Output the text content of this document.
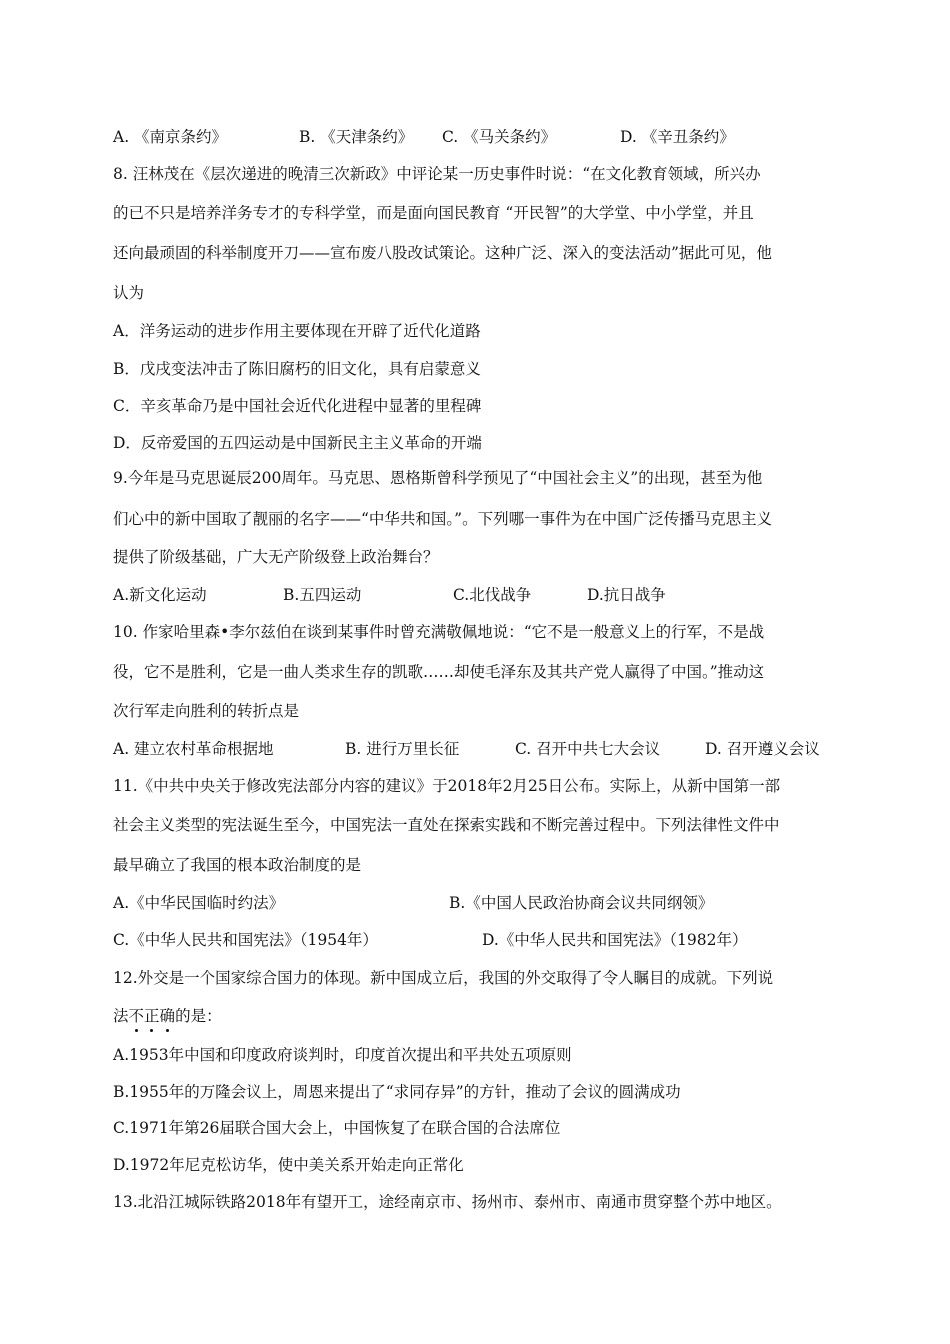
A. 《南京条约》	B. 《天津条约》	C. 《马关条约》	D. 《辛丑条约》
8. 汪林茂在《层次递进的晚清三次新政》中评论某一历史事件时说：“在文化教育领域，所兴办
的已不只是培养洋务专才的专科学堂，而是面向国民教育 “开民智”的大学堂、中小学堂，并且
还向最顽固的科举制度开刀——宣布废八股改试策论。这种广泛、深入的变法活动”据此可见，他
认为
A．洋务运动的进步作用主要体现在开辟了近代化道路
B．戊戌变法冲击了陈旧腐朽的旧文化，具有启蒙意义
C．辛亥革命乃是中国社会近代化进程中显著的里程碑
D．反帝爱国的五四运动是中国新民主主义革命的开端
9.今年是马克思诞辰200周年。马克思、恩格斯曾科学预见了“中国社会主义”的出现，甚至为他
们心中的新中国取了靓丽的名字——“中华共和国。”。下列哪一事件为在中国广泛传播马克思主义
提供了阶级基础，广大无产阶级登上政治舞台？
A.新文化运动	B.五四运动	C.北伐战争	D.抗日战争
10. 作家哈里森•李尔兹伯在谈到某事件时曾充满敬佩地说：“它不是一般意义上的行军，不是战
役，它不是胜利，它是一曲人类求生存的凯歌……却使毛泽东及其共产党人赢得了中国。”推动这
次行军走向胜利的转折点是
A. 建立农村革命根据地	B. 进行万里长征	C. 召开中共七大会议	D. 召开遵义会议
11.《中共中央关于修改宪法部分内容的建议》于2018年2月25日公布。实际上，从新中国第一部
社会主义类型的宪法诞生至今，中国宪法一直处在探索实践和不断完善过程中。下列法律性文件中
最早确立了我国的根本政治制度的是
A.《中华民国临时约法》	B.《中国人民政治协商会议共同纲领》
C.《中华人民共和国宪法》（1954年）	D.《中华人民共和国宪法》（1982年）
12.外交是一个国家综合国力的体现。新中国成立后，我国的外交取得了令人瞩目的成就。下列说
法不正确的是：
A.1953年中国和印度政府谈判时，印度首次提出和平共处五项原则
B.1955年的万隆会议上，周恩来提出了“求同存异”的方针，推动了会议的圆满成功
C.1971年第26届联合国大会上，中国恢复了在联合国的合法席位
D.1972年尼克松访华，使中美关系开始走向正常化
13.北沿江城际铁路2018年有望开工，途经南京市、扬州市、泰州市、南通市贯穿整个苏中地区。
